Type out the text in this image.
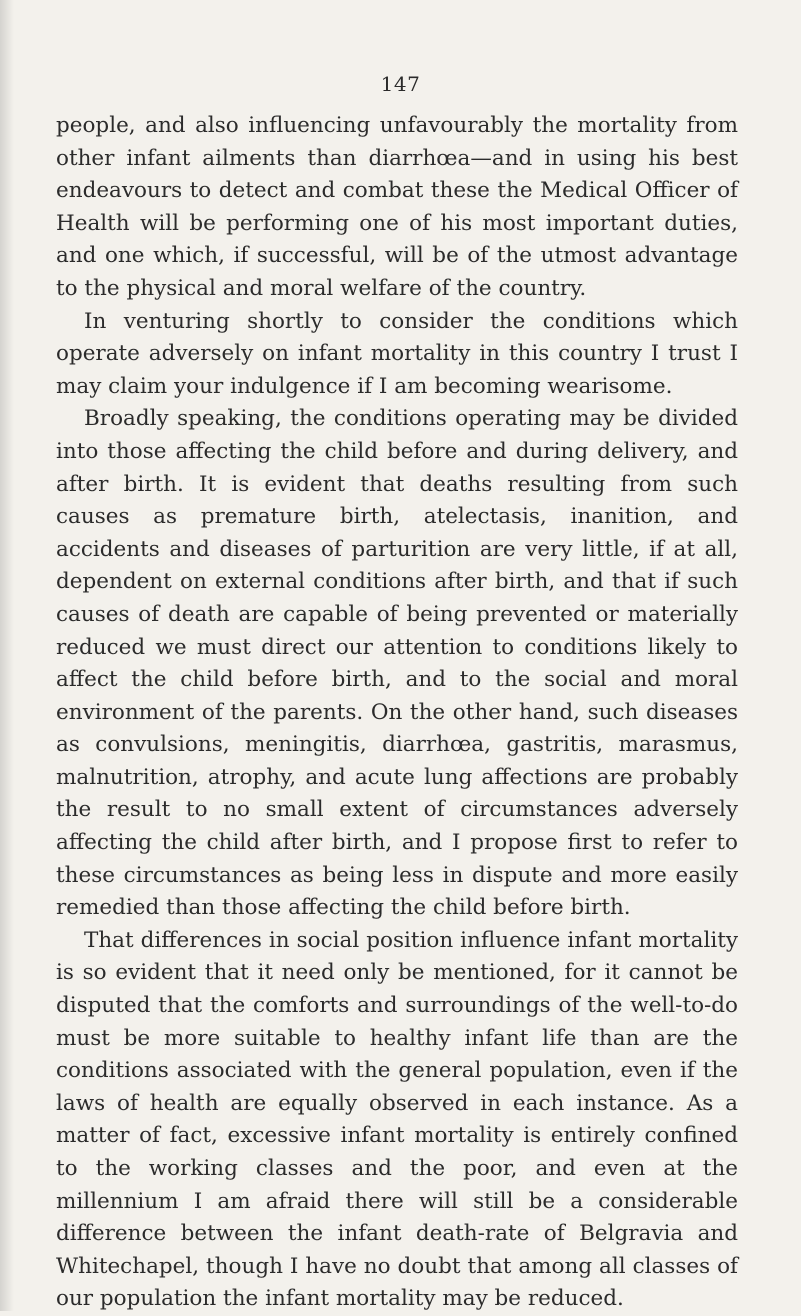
147

people, and also influencing unfavourably the mortality from other infant ailments than diarrhœa—and in using his best endeavours to detect and combat these the Medical Officer of Health will be performing one of his most important duties, and one which, if successful, will be of the utmost advantage to the physical and moral welfare of the country.

In venturing shortly to consider the conditions which operate adversely on infant mortality in this country I trust I may claim your indulgence if I am becoming wearisome.

Broadly speaking, the conditions operating may be divided into those affecting the child before and during delivery, and after birth. It is evident that deaths resulting from such causes as premature birth, atelectasis, inanition, and accidents and diseases of parturition are very little, if at all, dependent on external conditions after birth, and that if such causes of death are capable of being prevented or materially reduced we must direct our attention to conditions likely to affect the child before birth, and to the social and moral environment of the parents. On the other hand, such diseases as convulsions, meningitis, diarrhœa, gastritis, marasmus, malnutrition, atrophy, and acute lung affections are probably the result to no small extent of circumstances adversely affecting the child after birth, and I propose first to refer to these circumstances as being less in dispute and more easily remedied than those affecting the child before birth.

That differences in social position influence infant mortality is so evident that it need only be mentioned, for it cannot be disputed that the comforts and surroundings of the well-to-do must be more suitable to healthy infant life than are the conditions associated with the general population, even if the laws of health are equally observed in each instance. As a matter of fact, excessive infant mortality is entirely confined to the working classes and the poor, and even at the millennium I am afraid there will still be a considerable difference between the infant death-rate of Belgravia and Whitechapel, though I have no doubt that among all classes of our population the infant mortality may be reduced.
